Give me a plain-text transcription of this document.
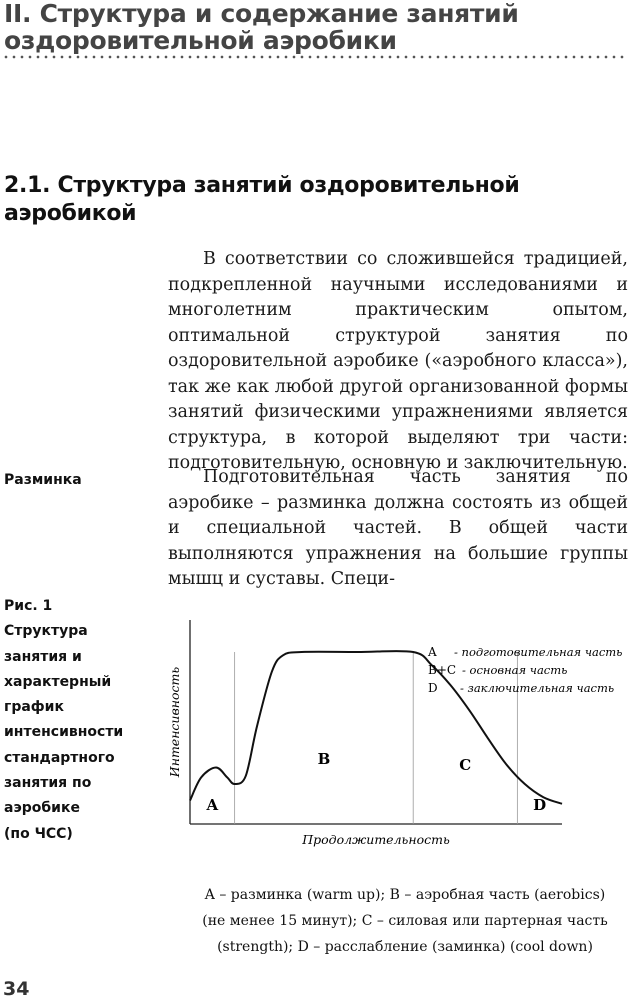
II. Структура и содержание занятий оздоровительной аэробики
2.1. Структура занятий оздоровительной аэробикой

В соответствии со сложившейся традицией, подкрепленной научными исследованиями и многолетним практическим опытом, оптимальной структурой занятия по оздоровительной аэробике («аэробного класса»), так же как любой другой организованной формы занятий физическими упражнениями является структура, в которой выделяют три части: подготовительную, основную и заключительную.

Разминка	Подготовительная часть занятия по аэробике – разминка должна состоять из общей и специальной частей. В общей части выполняются упражнения на большие группы мышц и суставы. Специ-

Рис. 1
Структура
занятия и
характерный
график
интенсивности
стандартного
занятия по
аэробике
(по ЧСС)
Интенсивность
Продолжительность
A
B	C
D
A - подготовительная часть
B+C - основная часть
D - заключительная часть
A – разминка (warm up); B – аэробная часть (aerobics)
(не менее 15 минут); C – силовая или партерная часть
(strength); D – расслабление (заминка) (cool down)
34
